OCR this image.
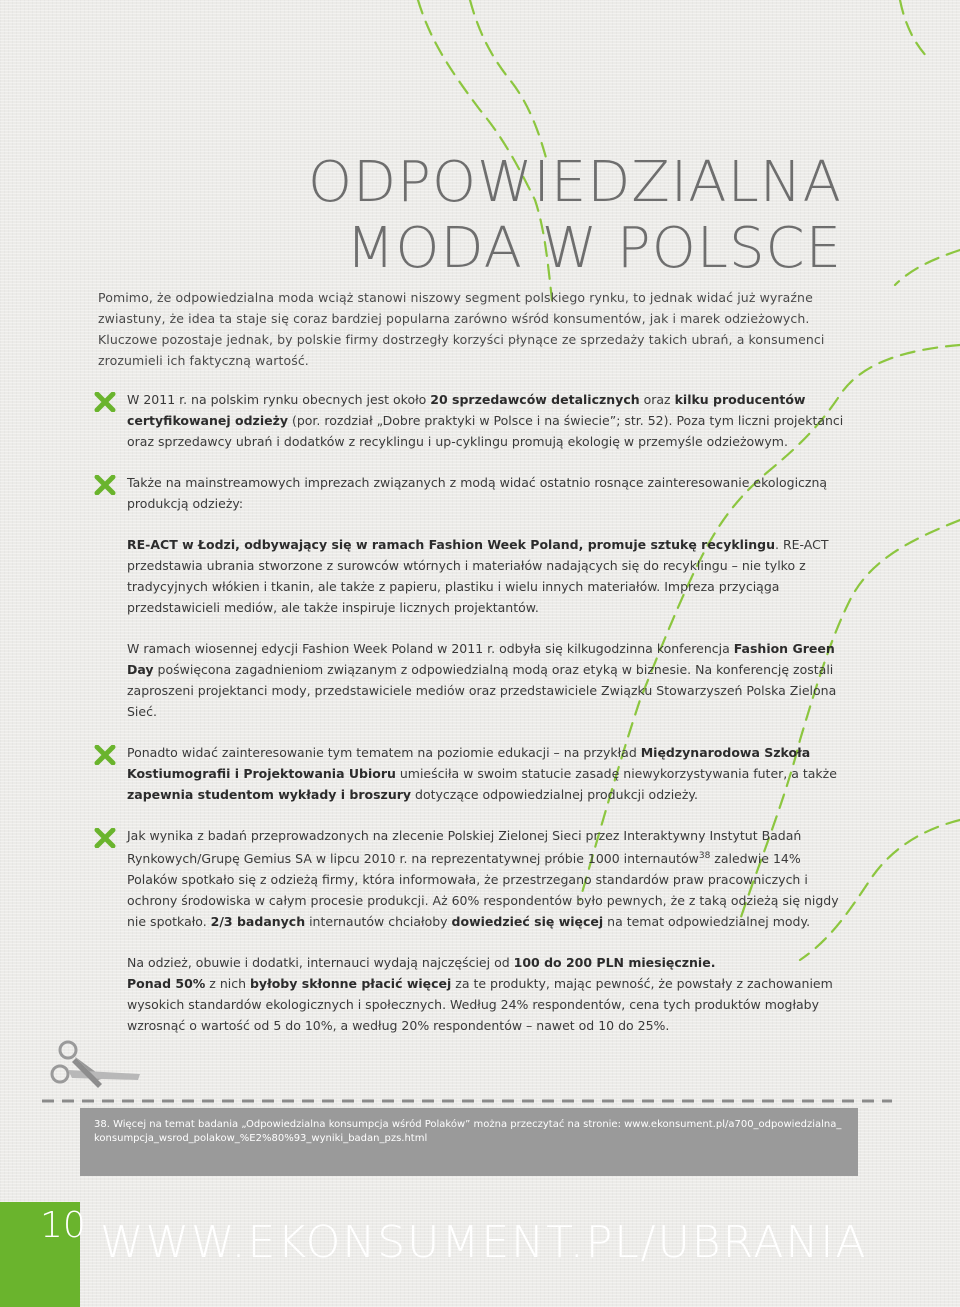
ODPOWIEDZIALNA
MODA W POLSCE

Pomimo, że odpowiedzialna moda wciąż stanowi niszowy segment polskiego rynku, to jednak widać już wyraźne zwiastuny, że idea ta staje się coraz bardziej popularna zarówno wśród konsumentów, jak i marek odzieżowych. Kluczowe pozostaje jednak, by polskie firmy dostrzegły korzyści płynące ze sprzedaży takich ubrań, a konsumenci zrozumieli ich faktyczną wartość.

W 2011 r. na polskim rynku obecnych jest około 20 sprzedawców detalicznych oraz kilku producentów certyfikowanej odzieży (por. rozdział „Dobre praktyki w Polsce i na świecie”; str. 52). Poza tym liczni projektanci oraz sprzedawcy ubrań i dodatków z recyklingu i up-cyklingu promują ekologię w przemyśle odzieżowym.

Także na mainstreamowych imprezach związanych z modą widać ostatnio rosnące zainteresowanie ekologiczną produkcją odzieży:

RE-ACT w Łodzi, odbywający się w ramach Fashion Week Poland, promuje sztukę recyklingu. RE-ACT przedstawia ubrania stworzone z surowców wtórnych i materiałów nadających się do recyklingu – nie tylko z tradycyjnych włókien i tkanin, ale także z papieru, plastiku i wielu innych materiałów. Impreza przyciąga przedstawicieli mediów, ale także inspiruje licznych projektantów.

W ramach wiosennej edycji Fashion Week Poland w 2011 r. odbyła się kilkugodzinna konferencja Fashion Green Day poświęcona zagadnieniom związanym z odpowiedzialną modą oraz etyką w biznesie. Na konferencję zostali zaproszeni projektanci mody, przedstawiciele mediów oraz przedstawiciele Związku Stowarzyszeń Polska Zielona Sieć.

Ponadto widać zainteresowanie tym tematem na poziomie edukacji – na przykład Międzynarodowa Szkoła Kostiumografii i Projektowania Ubioru umieściła w swoim statucie zasadę niewykorzystywania futer, a także zapewnia studentom wykłady i broszury dotyczące odpowiedzialnej produkcji odzieży.

Jak wynika z badań przeprowadzonych na zlecenie Polskiej Zielonej Sieci przez Interaktywny Instytut Badań Rynkowych/Grupę Gemius SA w lipcu 2010 r. na reprezentatywnej próbie 1000 internautów$^{38}$ zaledwie 14% Polaków spotkało się z odzieżą firmy, która informowała, że przestrzegano standardów praw pracowniczych i ochrony środowiska w całym procesie produkcji. Aż 60% respondentów było pewnych, że z taką odzieżą się nigdy nie spotkało. 2/3 badanych internautów chciałoby dowiedzieć się więcej na temat odpowiedzialnej mody.

Na odzież, obuwie i dodatki, internauci wydają najczęściej od 100 do 200 PLN miesięcznie.
Ponad 50% z nich byłoby skłonne płacić więcej za te produkty, mając pewność, że powstały z zachowaniem wysokich standardów ekologicznych i społecznych. Według 24% respondentów, cena tych produktów mogłaby wzrosnąć o wartość od 5 do 10%, a według 20% respondentów – nawet od 10 do 25%.

38. Więcej na temat badania „Odpowiedzialna konsumpcja wśród Polaków” można przeczytać na stronie: www.ekonsument.pl/a700_odpowiedzialna_konsumpcja_wsrod_polakow_%E2%80%93_wyniki_badan_pzs.html
10 WWW.EKONSUMENT.PL/UBRANIA
